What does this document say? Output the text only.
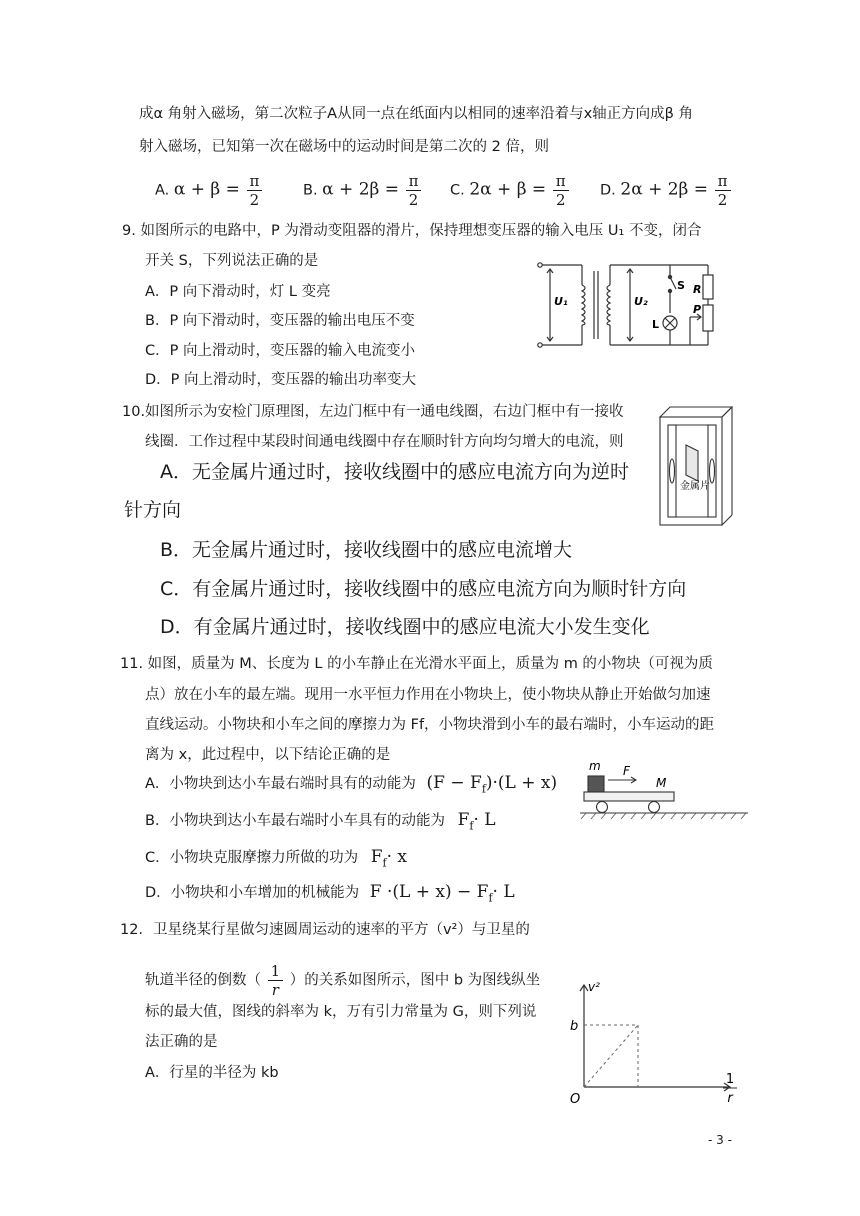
成α 角射入磁场，第二次粒子A从同一点在纸面内以相同的速率沿着与x轴正方向成β 角
射入磁场，已知第一次在磁场中的运动时间是第二次的 2 倍，则
A. $\alpha + \beta = \frac{\pi}{2}$	B. $\alpha + 2\beta = \frac{\pi}{2} C$. $2\alpha + \beta = \frac{\pi}{2} D$. $2\alpha + 2\beta = \frac{\pi}{2}$
9. 如图所示的电路中，P 为滑动变阻器的滑片，保持理想变压器的输入电压 U₁ 不变，闭合
开关 S，下列说法正确的是
A．P 向下滑动时，灯 L 变亮
B．P 向下滑动时，变压器的输出电压不变
C．P 向上滑动时，变压器的输入电流变小
D．P 向上滑动时，变压器的输出功率变大
U₁	U₂
S R
P
L
10.如图所示为安检门原理图，左边门框中有一通电线圈，右边门框中有一接收
线圈．工作过程中某段时间通电线圈中存在顺时针方向均匀增大的电流，则
A．无金属片通过时，接收线圈中的感应电流方向为逆时
针方向
B．无金属片通过时，接收线圈中的感应电流增大
C．有金属片通过时，接收线圈中的感应电流方向为顺时针方向
D．有金属片通过时，接收线圈中的感应电流大小发生变化
金属片
11. 如图，质量为 M、长度为 L 的小车静止在光滑水平面上，质量为 m 的小物块（可视为质
点）放在小车的最左端。现用一水平恒力作用在小物块上，使小物块从静止开始做匀加速
直线运动。小物块和小车之间的摩擦力为 Ff，小物块滑到小车的最右端时，小车运动的距
离为 x，此过程中，以下结论正确的是
A．小物块到达小车最右端时具有的动能为 $(F - F_f)\cdot(L + x)$
B．小物块到达小车最右端时小车具有的动能为 $F_f\cdot L$
C．小物块克服摩擦力所做的功为 $F_f\cdot x$
D．小物块和小车增加的机械能为 $F \cdot(L + x) - F_f\cdot L$
m F
M
12．卫星绕某行星做匀速圆周运动的速率的平方（v²）与卫星的
轨道半径的倒数（ $\frac{1}{r}$ ）的关系如图所示，图中 b 为图线纵坐
标的最大值，图线的斜率为 k，万有引力常量为 G，则下列说
法正确的是
A．行星的半径为 kb
v²
b
O
1
r
- 3 -
